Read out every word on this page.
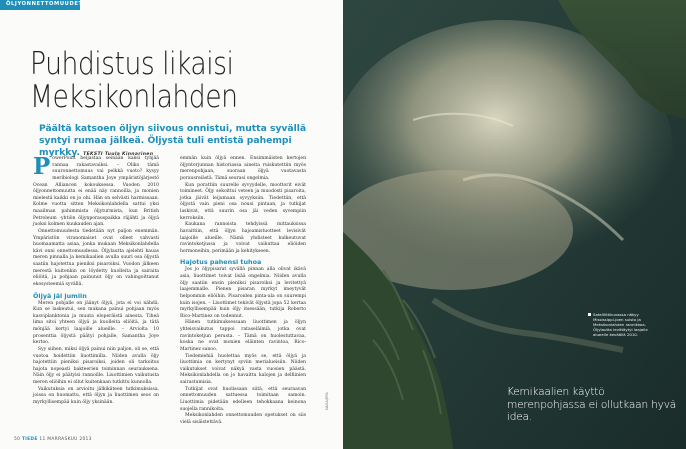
ÖLJYONNETTOMUUDET
Puhdistus likaisi Meksikonlahden

Päältä katsoen öljyn siivous onnistui, mutta syvällä syntyi rumaa jälkeä. Öljystä tuli entistä pahempi myrkky. TEKSTI Tuula Kinnarinen

PowerPoint heijastaa seinään kaksi tyhjää rannaa rakastavaiksi. – Olikо tämä suuronnettomuus vai pelkkä vuoto? kysyy meribiologi Samantha Joye ympäristöjärjestö Ocean Alliancen kokouksessa. Vuoden 2010 öljyonnettomuutta ei enää näy rannoilla, ja monien mielestä kaikki on jo ohi. Hän on selvästi harmissaan. Kolme vuotta sitten Meksikonlahdella sattui yksi maailman pahimmista öljyturmista, kun British Petroleum -yhtiön öljynporauspaikka räjähti ja öljyä juoksi kolmen kuukauden ajan.

Onnettomuudesta tiedetään nyt paljon enemmän. Ympäristön viranomaiset ovat olleet vahvasti huomaamatta asiaa, jonka mukaan Meksikonlahdella kävi onni onnettomuudessa. Öljylautta ajelehti kauas meren pinnalla ja kemikaalien avulla suuri osa öljystä saatiin hajotettua pieniksi pisaroiksi. Vuodon jälkeen merestä kuitenkin on löydetty kuolleita ja sairaita eliöitä, ja pohjaan painunut öljy on vahingoittanut ekosysteemiä syvällä.

Öljyä jäi jumiin

Meren pohjalle on jäänyt öljyä, jota ei voi nähdä. Kun se laskeutui, sen mukana painui pohjaan myös kasviplanktonia ja muuta eloperäistä ainesta. Tiheä lima sitoi yhteen öljyä ja kuolleita eliöitä, ja tätä mönjää kertyi laajoille alueille. – Arviolta 10 prosenttia öljystä päätyi pohjalle, Samantha Joye kertoo.

Syy siihen, miksi öljyä painui niin paljon, oli se, että vuotoa hoidettiin liuottimilla. Niiden avulla öljy hajotettiin pieniksi pisaroiksi, joiden oli tarkoitus hajota nopeasti bakteerien toiminnan seurauksena. Näin öljy ei päätyisi rannoille. Liuottimien vaikutusta meren eliöihin ei ollut kuitenkaan tutkittu kunnolla.

Vaikutuksia on arvioitu jälkikäteen tutkimuksissa, joissa on huomattu, että öljyn ja liuottimen seos on myrkyllisempää kuin öljy yksinään.

emmän kuin öljyä ennen. Ensimmäisten kertojen öljyntorjunnan historiassa aineita ruiskutettiin myös merenpohjaan, suoraan öljyä vuotavasta porausreiästä. Tämä seurasi ongelmia.

Kun porattiin suurelle syvyydelle, moottorit eivät toimineet. Öljy sekoittui veteen ja muodosti pisaroita, jotka jäivät leijumaan syvyyksiin. Tiedettiin, että öljystä vain pieni osa nousi pintaan, ja tutkijat laskivat, että suurin osa jäi veden syvempiin kerroksiin.

Kaukana rannoista tehdyissä mittauksissa havaittiin, että öljyn hajoamistuotteet levisivät laajoille alueille. Nämä yhdisteet kulkeutuvat ravintoketjussa ja voivat vaikuttaa eliöiden hormoneihin, perimään ja kehitykseen.

Hajotus pahensi tuhoa

Jos jo öljypisarat syvällä pinnan alla olivat ikävä asia, liuottimet toivat lisää ongelmia. Niiden avulla öljy saatiin ensin pieniksi pisaroiksi ja levitettyä laajemmalle. Pienen pisaran myrkyt imeytyvät helpommin eliöihin. Pisaroiden pinta-ala on suurempi kuin isojen. – Liuottimet tekivät öljystä jopa 52 kertaa myrkyllisempää kuin öljy itsessään, tutkija Roberto Rico-Martinez on todennut.

Hänen tutkimuksessaan liuottimen ja öljyn yhteisvaikutus tappoi rataseläimiä, jotka ovat ravintoketjun perusta. – Tämä on huolestuttavaa, koska ne ovat monien eläinten ravintoa, Rico-Martinez sanoo.

Tiedemiehiä huolettaa myös se, että öljyä ja liuottimia on kertynyt syviin merialueisiin. Niiden vaikutukset voivat näkyä vasta vuosien päästä. Meksikonlahdella on jo havaittu kalojen ja delfiinien sairastumisia.

Tutkijat ovat huolissaan siitä, että seuraavan onnettomuuden sattuessa toimitaan samoin. Liuottimia pidetään edelleen tehokkaana keinona suojella rannikoita.

Meksikonlahden onnettomuuden opetukset on siis vielä sisäistettävä.

50 TIEDE 11 MARRASKUU 2013
NASA/EPA

Satelliittikuvassa näkyy Mississippi-joen suisto ja Meksikonlahden rannikkoa. Öljylautta levittäytyi laajalle alueelle keväällä 2010.

Kemikaalien käyttö merenpohjassa ei ollutkaan hyvä idea.
